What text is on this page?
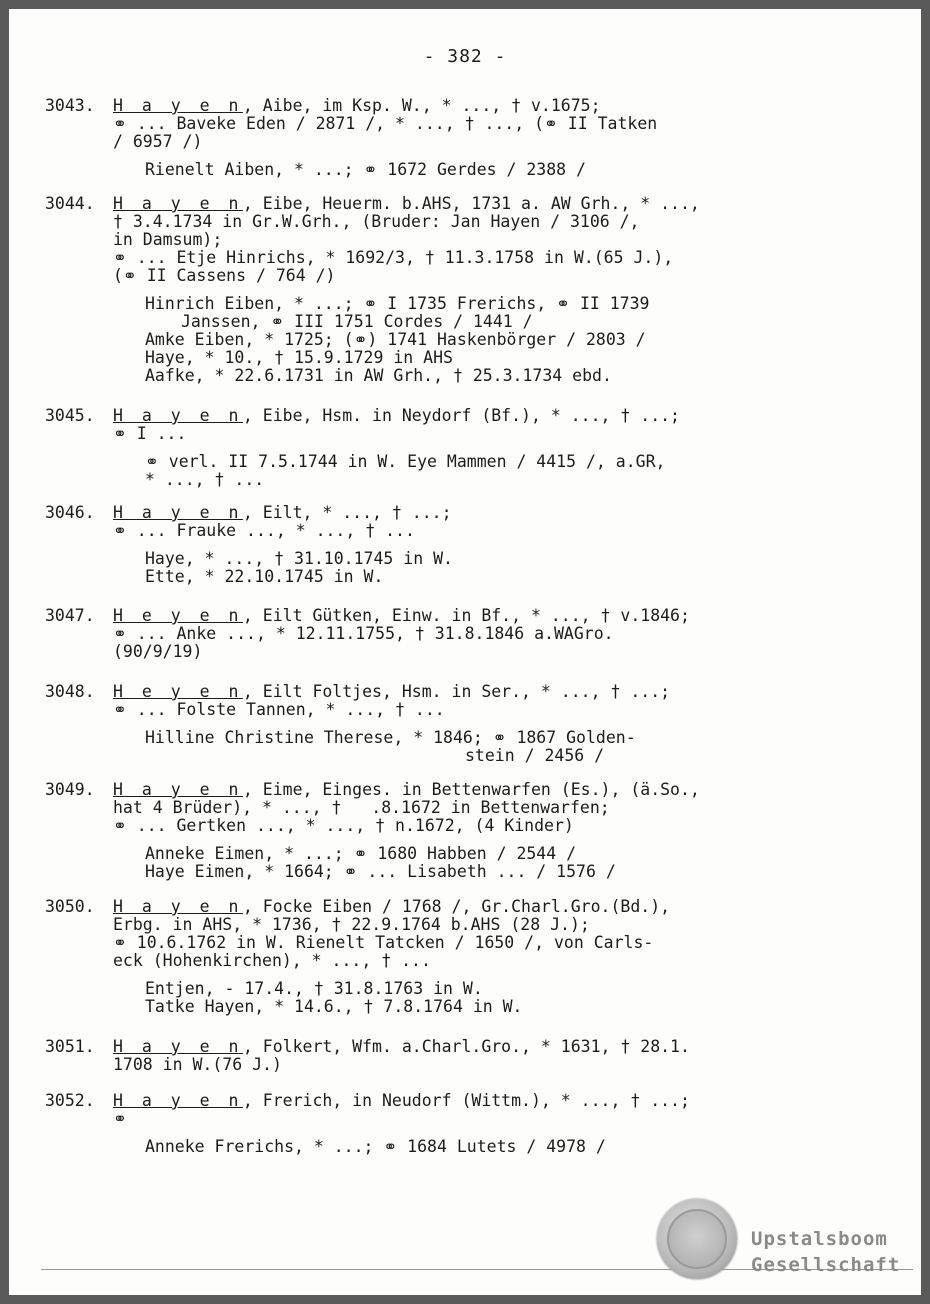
- 382 -
3043.	H a y e n, Aibe, im Ksp. W., * ..., † v.1675;
⚭ ... Baveke Eden / 2871 /, * ..., † ..., (⚭ II Tatken
/ 6957 /)
Rienelt Aiben, * ...; ⚭ 1672 Gerdes / 2388 /
3044.	H a y e n, Eibe, Heuerm. b.AHS, 1731 a. AW Grh., * ...,
† 3.4.1734 in Gr.W.Grh., (Bruder: Jan Hayen / 3106 /,
in Damsum);
⚭ ... Etje Hinrichs, * 1692/3, † 11.3.1758 in W.(65 J.),
(⚭ II Cassens / 764 /)
Hinrich Eiben, * ...; ⚭ I 1735 Frerichs, ⚭ II 1739
Janssen, ⚭ III 1751 Cordes / 1441 /
Amke Eiben, * 1725; (⚭) 1741 Haskenbörger / 2803 /
Haye, * 10., † 15.9.1729 in AHS
Aafke, * 22.6.1731 in AW Grh., † 25.3.1734 ebd.
3045.	H a y e n, Eibe, Hsm. in Neydorf (Bf.), * ..., † ...;
⚭ I ...
⚭ verl. II 7.5.1744 in W. Eye Mammen / 4415 /, a.GR,
* ..., † ...
3046.	H a y e n, Eilt, * ..., † ...;
⚭ ... Frauke ..., * ..., † ...
Haye, * ..., † 31.10.1745 in W.
Ette, * 22.10.1745 in W.
3047.	H e y e n, Eilt Gütken, Einw. in Bf., * ..., † v.1846;
⚭ ... Anke ..., * 12.11.1755, † 31.8.1846 a.WAGro.
(90/9/19)
3048.	H e y e n, Eilt Foltjes, Hsm. in Ser., * ..., † ...;
⚭ ... Folste Tannen, * ..., † ...
Hilline Christine Therese, * 1846; ⚭ 1867 Golden-
stein / 2456 /
3049.	H a y e n, Eime, Einges. in Bettenwarfen (Es.), (ä.So.,
hat 4 Brüder), * ..., †   .8.1672 in Bettenwarfen;
⚭ ... Gertken ..., * ..., † n.1672, (4 Kinder)
Anneke Eimen, * ...; ⚭ 1680 Habben / 2544 /
Haye Eimen, * 1664; ⚭ ... Lisabeth ... / 1576 /
3050.	H a y e n, Focke Eiben / 1768 /, Gr.Charl.Gro.(Bd.),
Erbg. in AHS, * 1736, † 22.9.1764 b.AHS (28 J.);
⚭ 10.6.1762 in W. Rienelt Tatcken / 1650 /, von Carls-
eck (Hohenkirchen), * ..., † ...
Entjen, - 17.4., † 31.8.1763 in W.
Tatke Hayen, * 14.6., † 7.8.1764 in W.
3051.	H a y e n, Folkert, Wfm. a.Charl.Gro., * 1631, † 28.1.
1708 in W.(76 J.)
3052.	H a y e n, Frerich, in Neudorf (Wittm.), * ..., † ...;
⚭
Anneke Frerichs, * ...; ⚭ 1684 Lutets / 4978 /
Upstalsboom
Gesellschaft
